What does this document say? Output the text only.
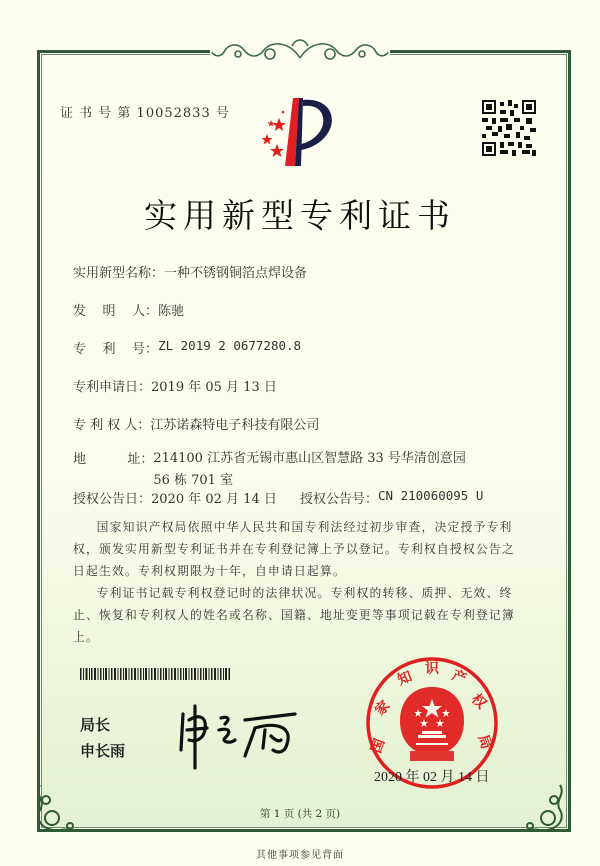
证 书 号 第 10052833 号
实用新型专利证书
实用新型名称： 一种不锈钢铜箔点焊设备
发    明    人： 陈驰
专    利    号： ZL 2019 2 0677280.8
专利申请日： 2019 年 05 月 13 日
专 利 权 人： 江苏诺森特电子科技有限公司
地          址： 214100 江苏省无锡市惠山区智慧路 33 号华清创意园 56 栋 701 室
授权公告日： 2020 年 02 月 14 日 授权公告号： CN 210060095 U

国家知识产权局依照中华人民共和国专利法经过初步审查，决定授予专利权，颁发实用新型专利证书并在专利登记簿上予以登记。专利权自授权公告之日起生效。专利权期限为十年，自申请日起算。

专利证书记载专利权登记时的法律状况。专利权的转移、质押、无效、终止、恢复和专利权人的姓名或名称、国籍、地址变更等事项记载在专利登记簿上。

局长
申长雨	国
家
知 识 产
权
局
2020 年 02 月 14 日
第 1 页 (共 2 页)
其他事项参见背面
